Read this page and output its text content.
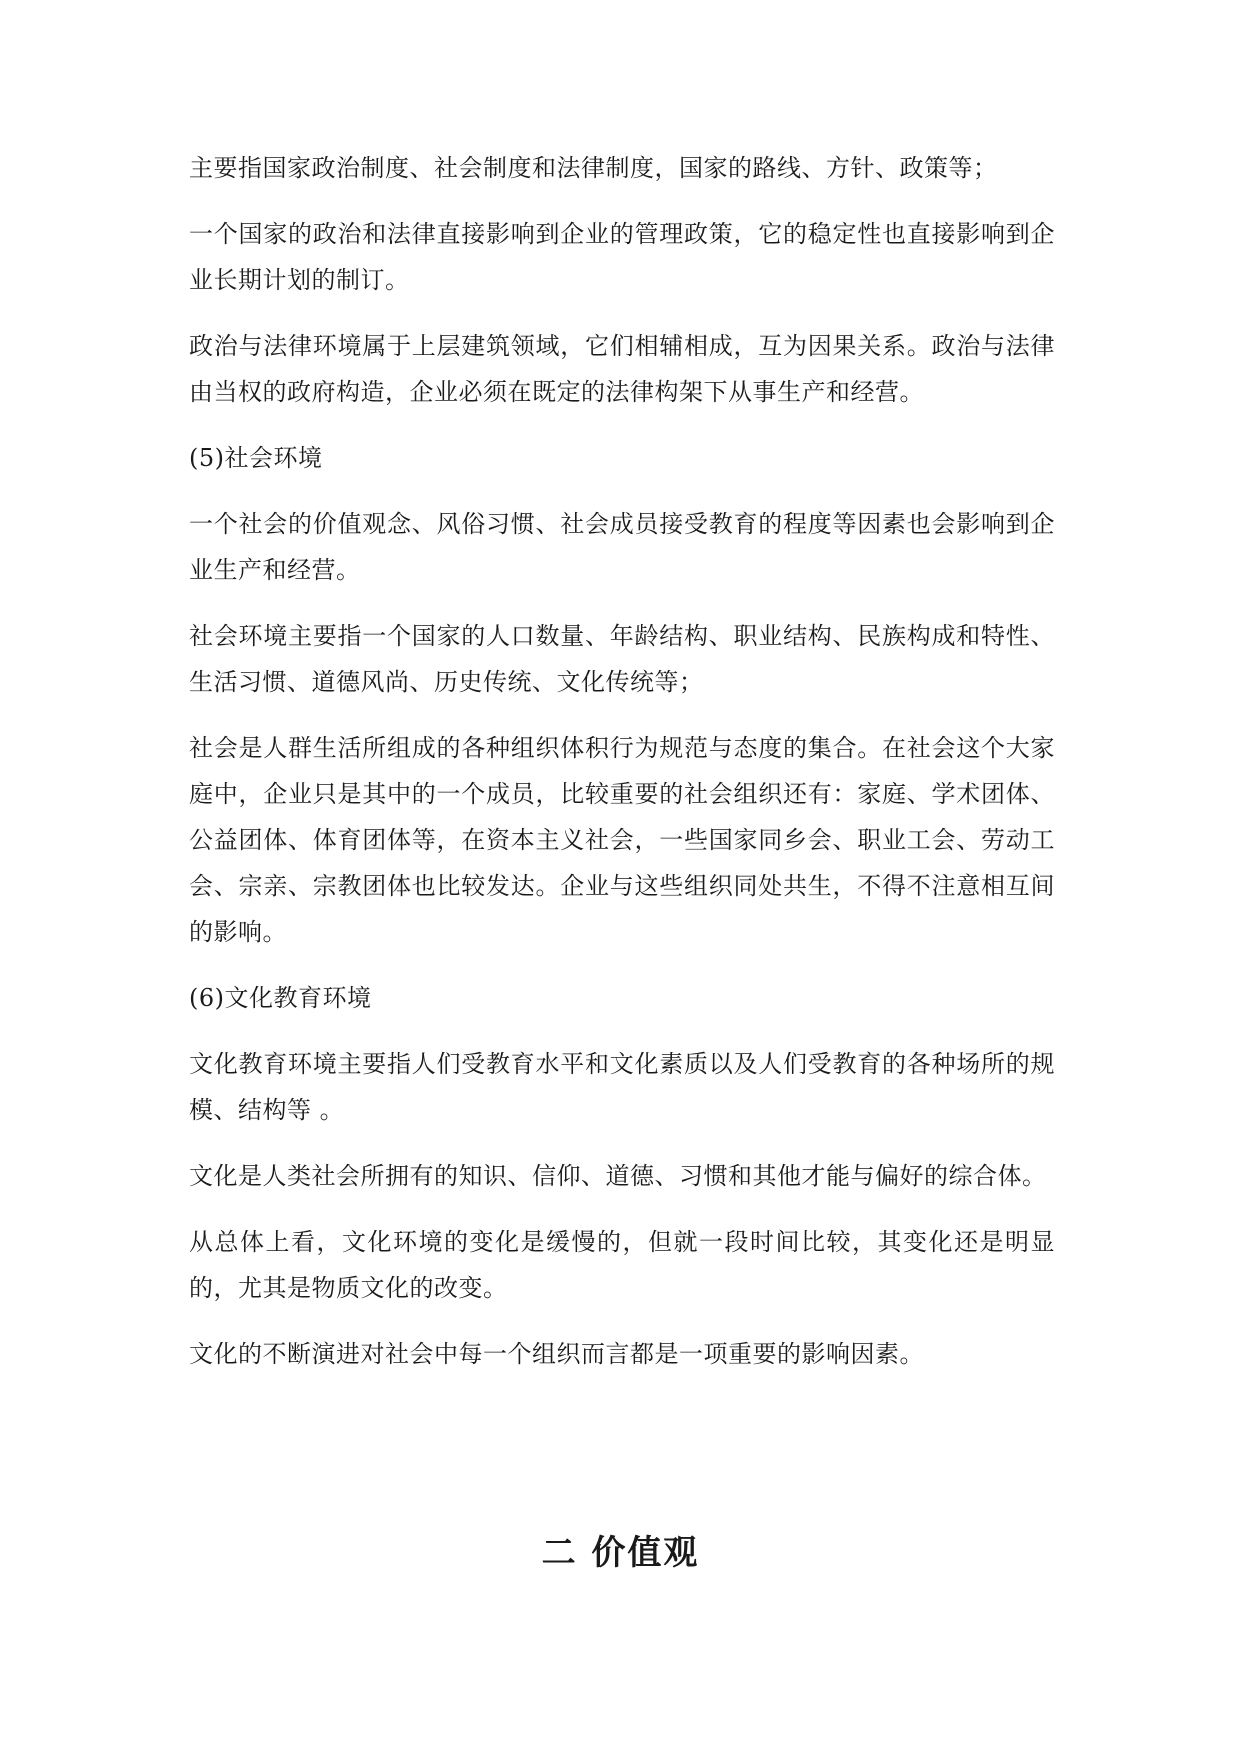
主要指国家政治制度、社会制度和法律制度，国家的路线、方针、政策等；

一个国家的政治和法律直接影响到企业的管理政策，它的稳定性也直接影响到企业长期计划的制订。

政治与法律环境属于上层建筑领域，它们相辅相成，互为因果关系。政治与法律由当权的政府构造，企业必须在既定的法律构架下从事生产和经营。

(5)社会环境

一个社会的价值观念、风俗习惯、社会成员接受教育的程度等因素也会影响到企业生产和经营。

社会环境主要指一个国家的人口数量、年龄结构、职业结构、民族构成和特性、生活习惯、道德风尚、历史传统、文化传统等；

社会是人群生活所组成的各种组织体积行为规范与态度的集合。在社会这个大家庭中，企业只是其中的一个成员，比较重要的社会组织还有：家庭、学术团体、公益团体、体育团体等，在资本主义社会，一些国家同乡会、职业工会、劳动工会、宗亲、宗教团体也比较发达。企业与这些组织同处共生，不得不注意相互间的影响。

(6)文化教育环境

文化教育环境主要指人们受教育水平和文化素质以及人们受教育的各种场所的规模、结构等 。

文化是人类社会所拥有的知识、信仰、道德、习惯和其他才能与偏好的综合体。

从总体上看，文化环境的变化是缓慢的，但就一段时间比较，其变化还是明显的，尤其是物质文化的改变。

文化的不断演进对社会中每一个组织而言都是一项重要的影响因素。

二 价值观
